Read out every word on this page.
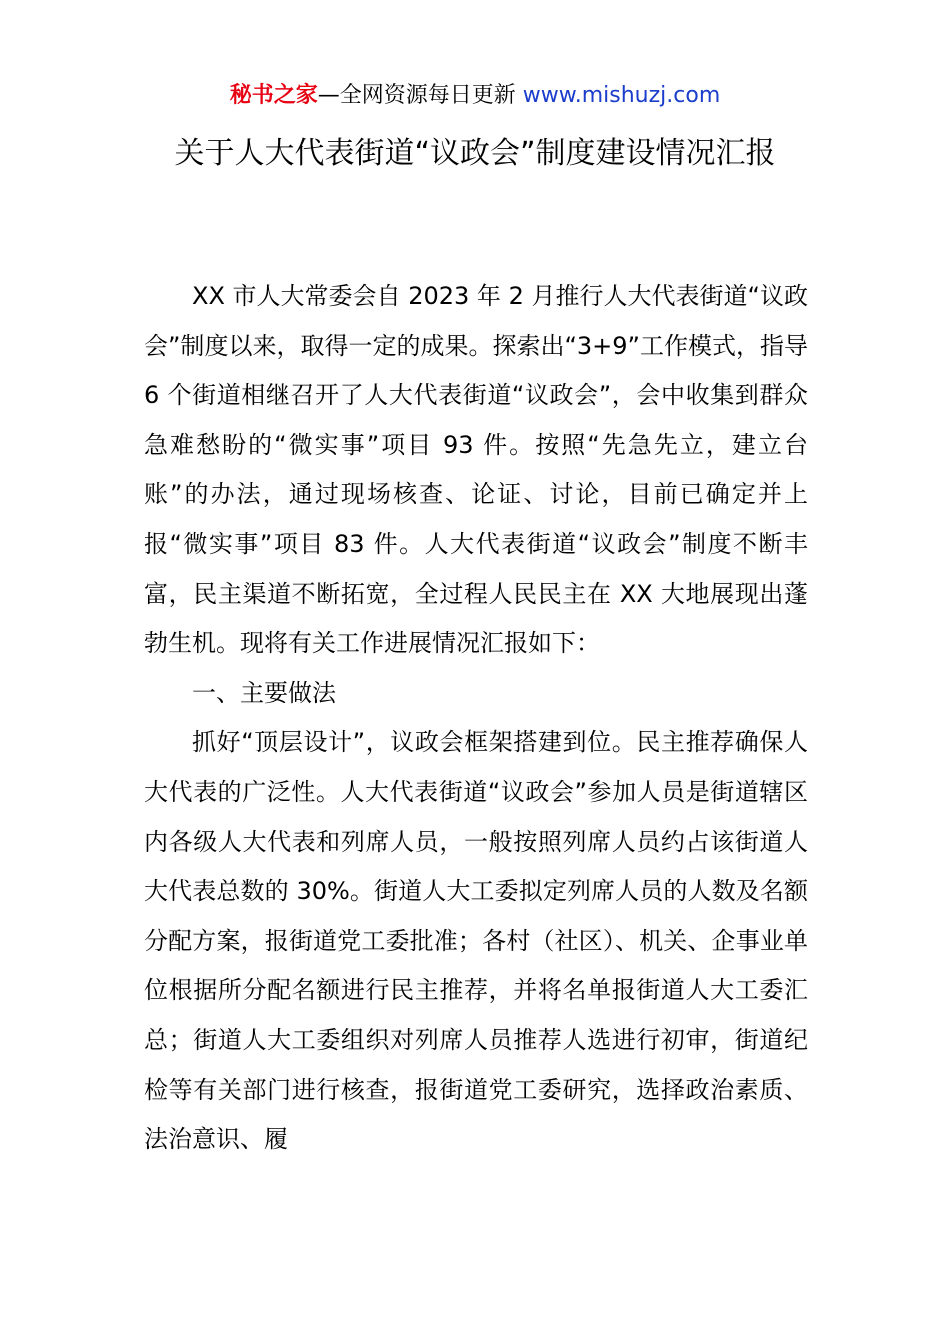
秘书之家—全网资源每日更新 www.mishuzj.com
关于人大代表街道“议政会”制度建设情况汇报

XX 市人大常委会自 2023 年 2 月推行人大代表街道“议政会”制度以来，取得一定的成果。探索出“3+9”工作模式，指导 6 个街道相继召开了人大代表街道“议政会”，会中收集到群众急难愁盼的“微实事”项目 93 件。按照“先急先立，建立台账”的办法，通过现场核查、论证、讨论，目前已确定并上报“微实事”项目 83 件。人大代表街道“议政会”制度不断丰富，民主渠道不断拓宽，全过程人民民主在 XX 大地展现出蓬勃生机。现将有关工作进展情况汇报如下：

一、主要做法

抓好“顶层设计”，议政会框架搭建到位。民主推荐确保人大代表的广泛性。人大代表街道“议政会”参加人员是街道辖区内各级人大代表和列席人员，一般按照列席人员约占该街道人大代表总数的 30%。街道人大工委拟定列席人员的人数及名额分配方案，报街道党工委批准；各村（社区）、机关、企事业单位根据所分配名额进行民主推荐，并将名单报街道人大工委汇总；街道人大工委组织对列席人员推荐人选进行初审，街道纪检等有关部门进行核查，报街道党工委研究，选择政治素质、法治意识、履
